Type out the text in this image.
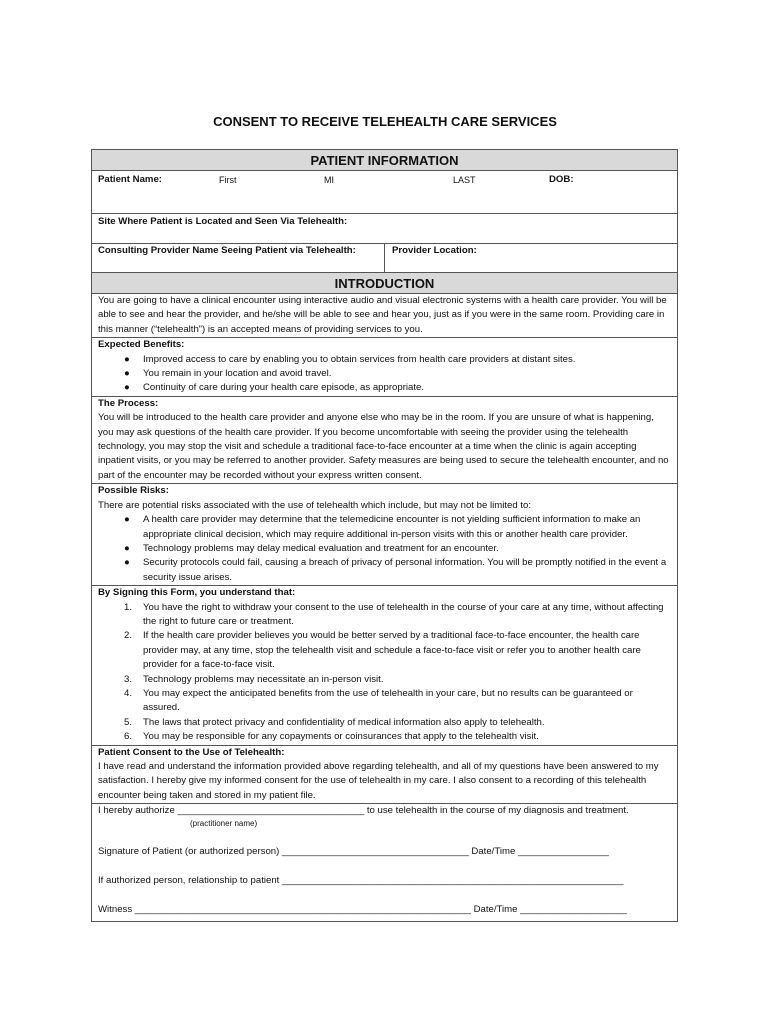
CONSENT TO RECEIVE TELEHEALTH CARE SERVICES
PATIENT INFORMATION
Patient Name:	First	MI	LAST	DOB:
Site Where Patient is Located and Seen Via Telehealth:
Consulting Provider Name Seeing Patient via Telehealth:	Provider Location:
INTRODUCTION
You are going to have a clinical encounter using interactive audio and visual electronic systems with a health care provider. You will be able to see and hear the provider, and he/she will be able to see and hear you, just as if you were in the same room. Providing care in this manner (“telehealth”) is an accepted means of providing services to you.
Expected Benefits:
● Improved access to care by enabling you to obtain services from health care providers at distant sites.
● You remain in your location and avoid travel.
● Continuity of care during your health care episode, as appropriate.
The Process:
You will be introduced to the health care provider and anyone else who may be in the room. If you are unsure of what is happening, you may ask questions of the health care provider. If you become uncomfortable with seeing the provider using the telehealth technology, you may stop the visit and schedule a traditional face-to-face encounter at a time when the clinic is again accepting inpatient visits, or you may be referred to another provider. Safety measures are being used to secure the telehealth encounter, and no part of the encounter may be recorded without your express written consent.
Possible Risks:
There are potential risks associated with the use of telehealth which include, but may not be limited to:
● A health care provider may determine that the telemedicine encounter is not yielding sufficient information to make an appropriate clinical decision, which may require additional in-person visits with this or another health care provider.
● Technology problems may delay medical evaluation and treatment for an encounter.
● Security protocols could fail, causing a breach of privacy of personal information. You will be promptly notified in the event a security issue arises.
By Signing this Form, you understand that:
1. You have the right to withdraw your consent to the use of telehealth in the course of your care at any time, without affecting the right to future care or treatment.
2. If the health care provider believes you would be better served by a traditional face-to-face encounter, the health care provider may, at any time, stop the telehealth visit and schedule a face-to-face visit or refer you to another health care provider for a face-to-face visit.
3. Technology problems may necessitate an in-person visit.
4. You may expect the anticipated benefits from the use of telehealth in your care, but no results can be guaranteed or assured.
5. The laws that protect privacy and confidentiality of medical information also apply to telehealth.
6. You may be responsible for any copayments or coinsurances that apply to the telehealth visit.
Patient Consent to the Use of Telehealth:
I have read and understand the information provided above regarding telehealth, and all of my questions have been answered to my satisfaction. I hereby give my informed consent for the use of telehealth in my care. I also consent to a recording of this telehealth encounter being taken and stored in my patient file.
I hereby authorize ___________________________________ to use telehealth in the course of my diagnosis and treatment.
(practitioner name)
Signature of Patient (or authorized person) ___________________________________ Date/Time _________________
If authorized person, relationship to patient ________________________________________________________________
Witness _______________________________________________________________ Date/Time ____________________
